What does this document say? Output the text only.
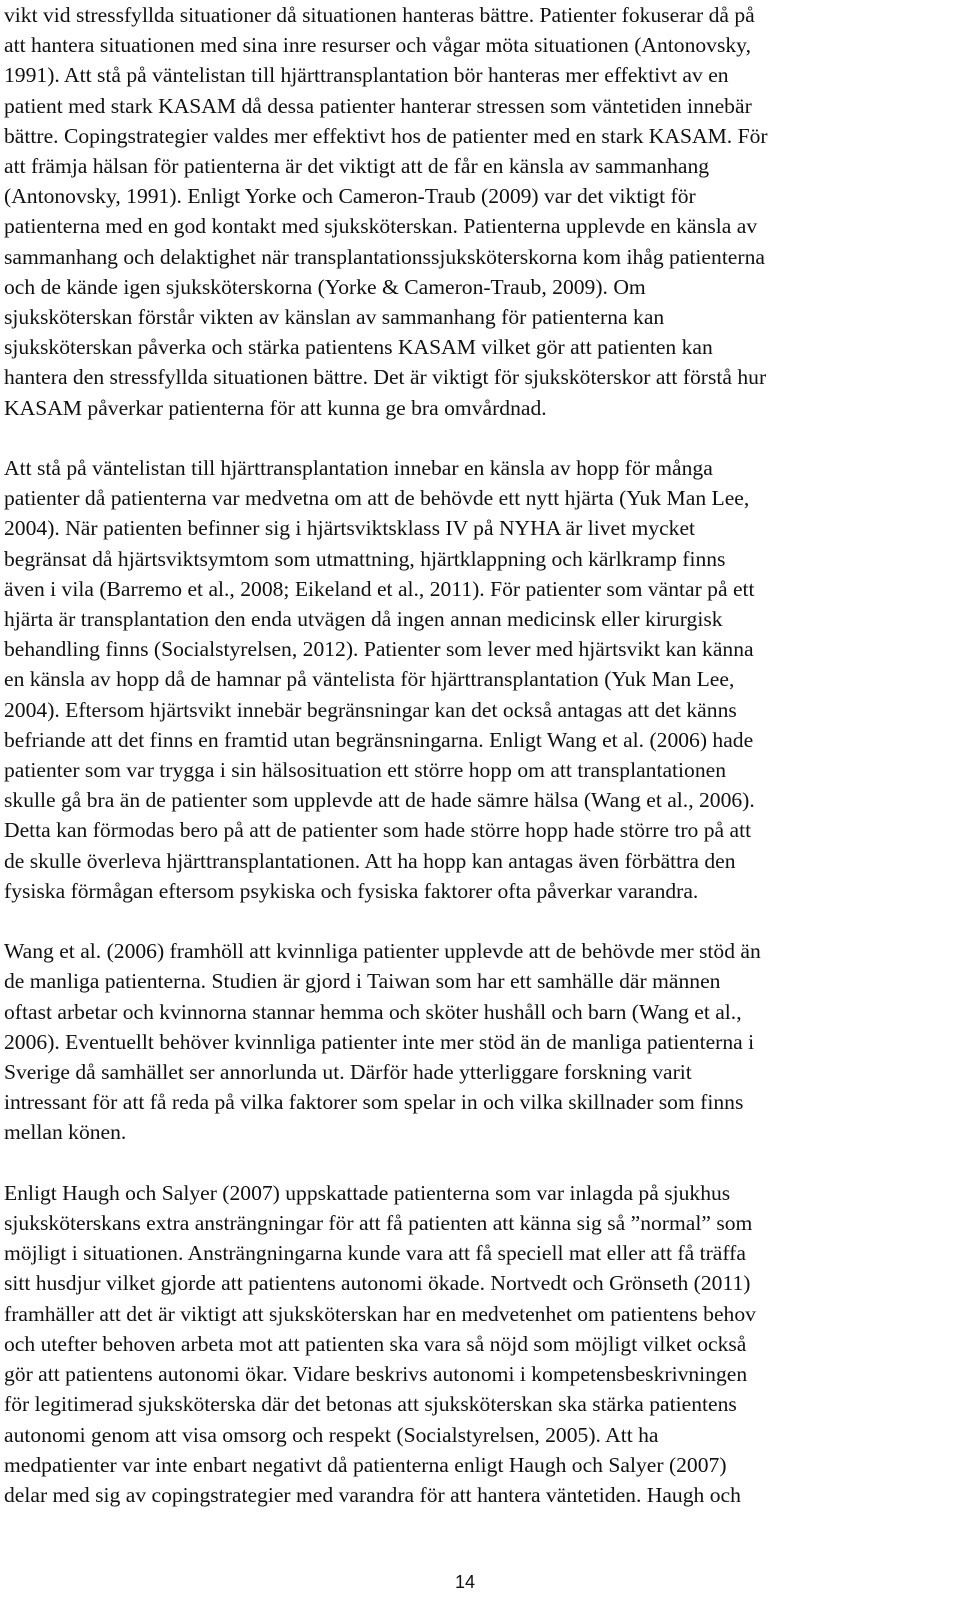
vikt vid stressfyllda situationer då situationen hanteras bättre. Patienter fokuserar då på
att hantera situationen med sina inre resurser och vågar möta situationen (Antonovsky,
1991). Att stå på väntelistan till hjärttransplantation bör hanteras mer effektivt av en
patient med stark KASAM då dessa patienter hanterar stressen som väntetiden innebär
bättre. Copingstrategier valdes mer effektivt hos de patienter med en stark KASAM. För
att främja hälsan för patienterna är det viktigt att de får en känsla av sammanhang
(Antonovsky, 1991). Enligt Yorke och Cameron-Traub (2009) var det viktigt för
patienterna med en god kontakt med sjuksköterskan. Patienterna upplevde en känsla av
sammanhang och delaktighet när transplantationssjuksköterskorna kom ihåg patienterna
och de kände igen sjuksköterskorna (Yorke & Cameron-Traub, 2009). Om
sjuksköterskan förstår vikten av känslan av sammanhang för patienterna kan
sjuksköterskan påverka och stärka patientens KASAM vilket gör att patienten kan
hantera den stressfyllda situationen bättre. Det är viktigt för sjuksköterskor att förstå hur
KASAM påverkar patienterna för att kunna ge bra omvårdnad.
Att stå på väntelistan till hjärttransplantation innebar en känsla av hopp för många
patienter då patienterna var medvetna om att de behövde ett nytt hjärta (Yuk Man Lee,
2004). När patienten befinner sig i hjärtsviktsklass IV på NYHA är livet mycket
begränsat då hjärtsviktsymtom som utmattning, hjärtklappning och kärlkramp finns
även i vila (Barremo et al., 2008; Eikeland et al., 2011). För patienter som väntar på ett
hjärta är transplantation den enda utvägen då ingen annan medicinsk eller kirurgisk
behandling finns (Socialstyrelsen, 2012). Patienter som lever med hjärtsvikt kan känna
en känsla av hopp då de hamnar på väntelista för hjärttransplantation (Yuk Man Lee,
2004). Eftersom hjärtsvikt innebär begränsningar kan det också antagas att det känns
befriande att det finns en framtid utan begränsningarna. Enligt Wang et al. (2006) hade
patienter som var trygga i sin hälsosituation ett större hopp om att transplantationen
skulle gå bra än de patienter som upplevde att de hade sämre hälsa (Wang et al., 2006).
Detta kan förmodas bero på att de patienter som hade större hopp hade större tro på att
de skulle överleva hjärttransplantationen. Att ha hopp kan antagas även förbättra den
fysiska förmågan eftersom psykiska och fysiska faktorer ofta påverkar varandra.
Wang et al. (2006) framhöll att kvinnliga patienter upplevde att de behövde mer stöd än
de manliga patienterna. Studien är gjord i Taiwan som har ett samhälle där männen
oftast arbetar och kvinnorna stannar hemma och sköter hushåll och barn (Wang et al.,
2006). Eventuellt behöver kvinnliga patienter inte mer stöd än de manliga patienterna i
Sverige då samhället ser annorlunda ut. Därför hade ytterliggare forskning varit
intressant för att få reda på vilka faktorer som spelar in och vilka skillnader som finns
mellan könen.
Enligt Haugh och Salyer (2007) uppskattade patienterna som var inlagda på sjukhus
sjuksköterskans extra ansträngningar för att få patienten att känna sig så ”normal” som
möjligt i situationen. Ansträngningarna kunde vara att få speciell mat eller att få träffa
sitt husdjur vilket gjorde att patientens autonomi ökade. Nortvedt och Grönseth (2011)
framhäller att det är viktigt att sjuksköterskan har en medvetenhet om patientens behov
och utefter behoven arbeta mot att patienten ska vara så nöjd som möjligt vilket också
gör att patientens autonomi ökar. Vidare beskrivs autonomi i kompetensbeskrivningen
för legitimerad sjuksköterska där det betonas att sjuksköterskan ska stärka patientens
autonomi genom att visa omsorg och respekt (Socialstyrelsen, 2005). Att ha
medpatienter var inte enbart negativt då patienterna enligt Haugh och Salyer (2007)
delar med sig av copingstrategier med varandra för att hantera väntetiden. Haugh och
14
